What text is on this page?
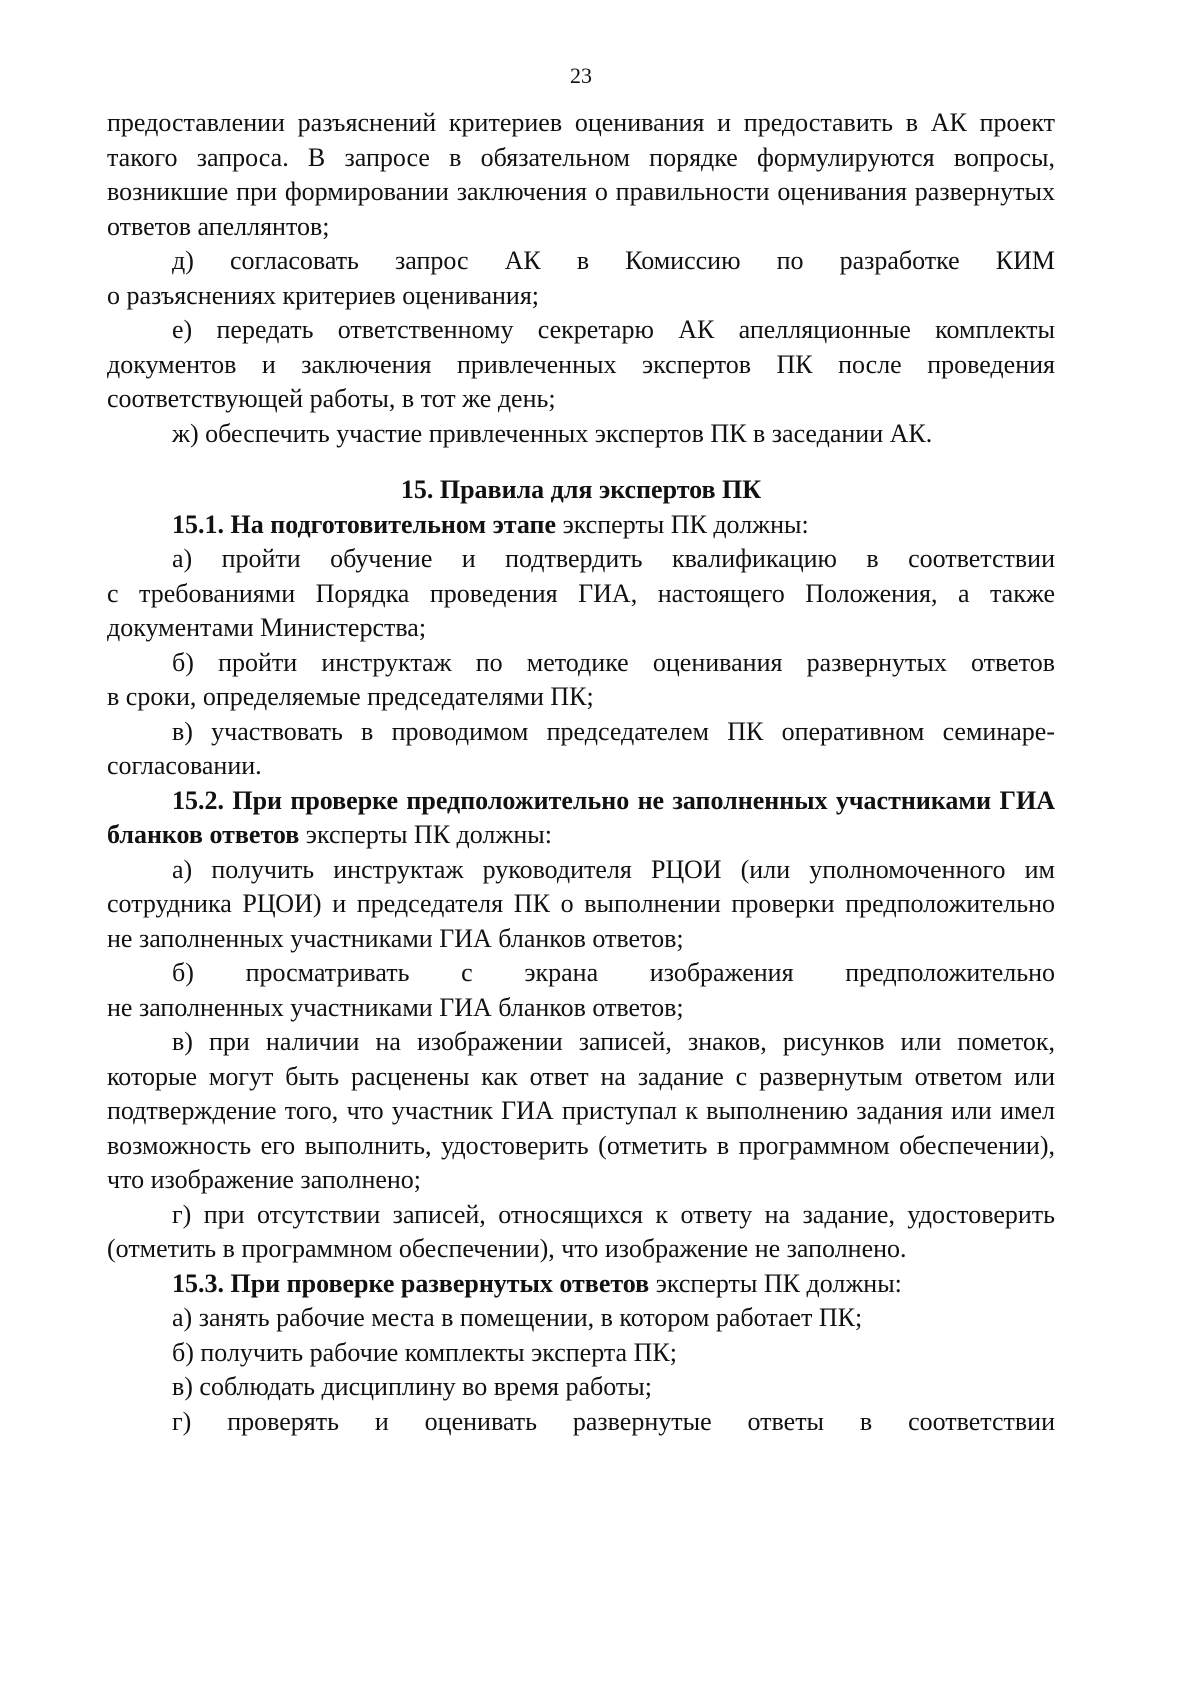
23
предоставлении разъяснений критериев оценивания и предоставить в АК проект
такого запроса. В запросе в обязательном порядке формулируются вопросы,
возникшие при формировании заключения о правильности оценивания развернутых
ответов апеллянтов;
д) согласовать запрос АК в Комиссию по разработке КИМ
о разъяснениях критериев оценивания;
е) передать ответственному секретарю АК апелляционные комплекты
документов и заключения привлеченных экспертов ПК после проведения
соответствующей работы, в тот же день;
ж) обеспечить участие привлеченных экспертов ПК в заседании АК.
15. Правила для экспертов ПК
15.1. На подготовительном этапе эксперты ПК должны:
а) пройти обучение и подтвердить квалификацию в соответствии
с требованиями Порядка проведения ГИА, настоящего Положения, а также
документами Министерства;
б) пройти инструктаж по методике оценивания развернутых ответов
в сроки, определяемые председателями ПК;
в) участвовать в проводимом председателем ПК оперативном семинаре-
согласовании.
15.2. При проверке предположительно не заполненных участниками ГИА
бланков ответов эксперты ПК должны:
а) получить инструктаж руководителя РЦОИ (или уполномоченного им
сотрудника РЦОИ) и председателя ПК о выполнении проверки предположительно
не заполненных участниками ГИА бланков ответов;
б) просматривать с экрана изображения предположительно
не заполненных участниками ГИА бланков ответов;
в) при наличии на изображении записей, знаков, рисунков или пометок,
которые могут быть расценены как ответ на задание с развернутым ответом или
подтверждение того, что участник ГИА приступал к выполнению задания или имел
возможность его выполнить, удостоверить (отметить в программном обеспечении),
что изображение заполнено;
г) при отсутствии записей, относящихся к ответу на задание, удостоверить
(отметить в программном обеспечении), что изображение не заполнено.
15.3. При проверке развернутых ответов эксперты ПК должны:
а) занять рабочие места в помещении, в котором работает ПК;
б) получить рабочие комплекты эксперта ПК;
в) соблюдать дисциплину во время работы;
г) проверять и оценивать развернутые ответы в соответствии
